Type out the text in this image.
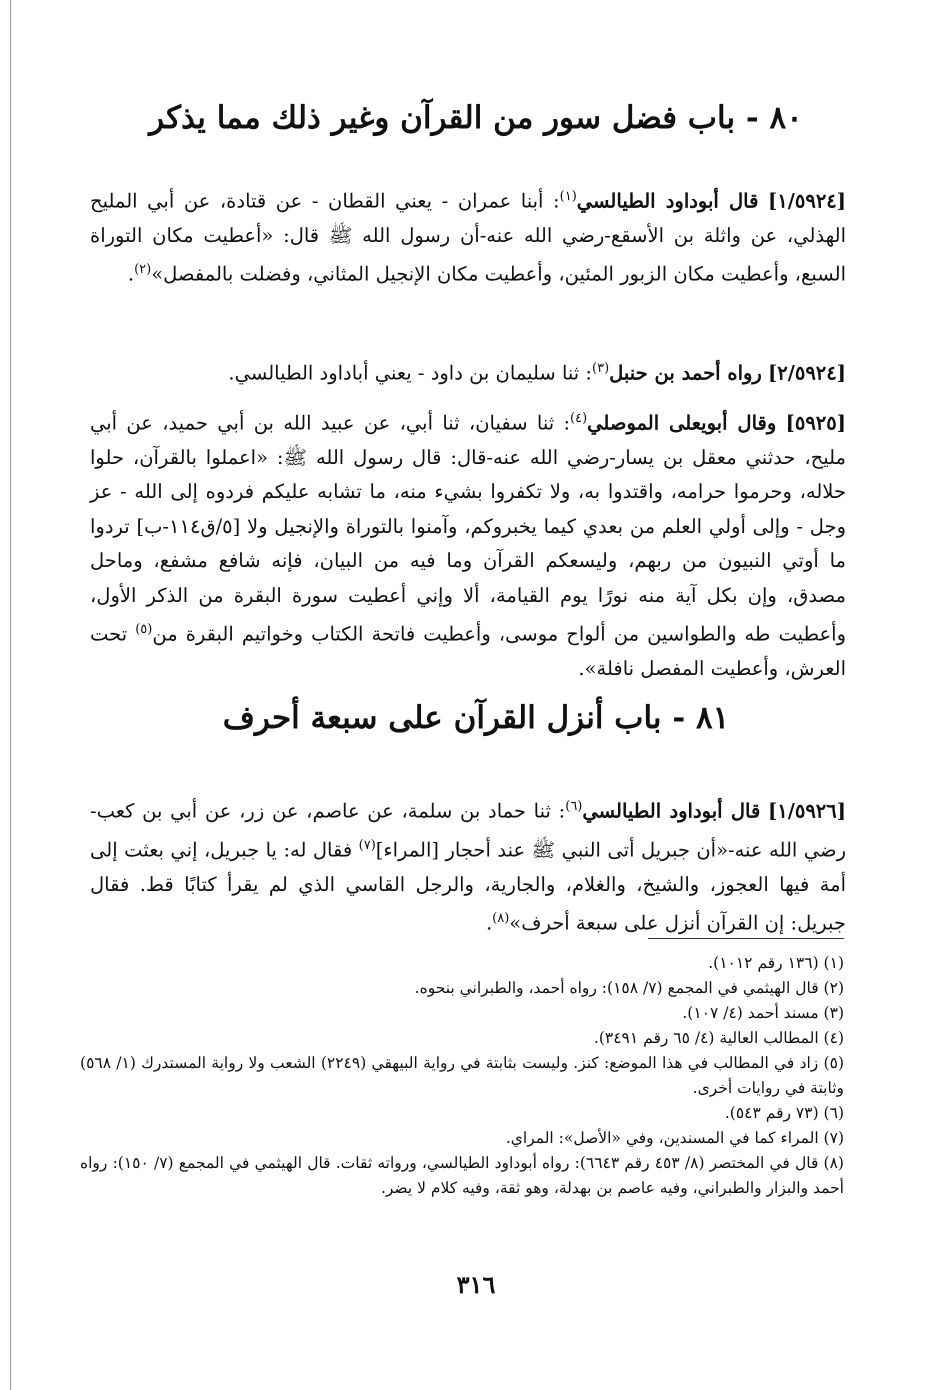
٨٠ - باب فضل سور من القرآن وغير ذلك مما يذكر

[١/٥٩٢٤] قال أبوداود الطيالسي$^{(١)}$: أبنا عمران - يعني القطان - عن قتادة، عن أبي المليح الهذلي، عن واثلة بن الأسقع-رضي الله عنه-أن رسول الله ﷺ قال: «أعطيت مكان التوراة السبع، وأعطيت مكان الزبور المئين، وأعطيت مكان الإنجيل المثاني، وفضلت بالمفصل»$^{(٢)}$.

[٢/٥٩٢٤] رواه أحمد بن حنبل$^{(٣)}$: ثنا سليمان بن داود - يعني أباداود الطيالسي.

[٥٩٢٥] وقال أبويعلى الموصلي$^{(٤)}$: ثنا سفيان، ثنا أبي، عن عبيد الله بن أبي حميد، عن أبي مليح، حدثني معقل بن يسار-رضي الله عنه-قال: قال رسول الله ﷺ: «اعملوا بالقرآن، حلوا حلاله، وحرموا حرامه، واقتدوا به، ولا تكفروا بشيء منه، ما تشابه عليكم فردوه إلى الله - عز وجل - وإلى أولي العلم من بعدي كيما يخبروكم، وآمنوا بالتوراة والإنجيل ولا [٥/ق١١٤-ب] تردوا ما أوتي النبيون من ربهم، وليسعكم القرآن وما فيه من البيان، فإنه شافع مشفع، وماحل مصدق، وإن بكل آية منه نورًا يوم القيامة، ألا وإني أعطيت سورة البقرة من الذكر الأول، وأعطيت طه والطواسين من ألواح موسى، وأعطيت فاتحة الكتاب وخواتيم البقرة من$^{(٥)}$ تحت العرش، وأعطيت المفصل نافلة».

٨١ - باب أنزل القرآن على سبعة أحرف

[١/٥٩٢٦] قال أبوداود الطيالسي$^{(٦)}$: ثنا حماد بن سلمة، عن عاصم، عن زر، عن أبي بن كعب-رضي الله عنه-«أن جبريل أتى النبي ﷺ عند أحجار [المراء]$^{(٧)}$ فقال له: يا جبريل، إني بعثت إلى أمة فيها العجوز، والشيخ، والغلام، والجارية، والرجل القاسي الذي لم يقرأ كتابًا قط. فقال جبريل: إن القرآن أنزل على سبعة أحرف»$^{(٨)}$.

(١) (١٣٦ رقم ١٠١٢).
(٢) قال الهيثمي في المجمع (٧/ ١٥٨): رواه أحمد، والطبراني بنحوه.
(٣) مسند أحمد (٤/ ١٠٧).
(٤) المطالب العالية (٤/ ٦٥ رقم ٣٤٩١).
(٥) زاد في المطالب في هذا الموضع: كنز. وليست بثابتة في رواية البيهقي (٢٢٤٩) الشعب ولا رواية المستدرك (١/ ٥٦٨) وثابتة في روايات أخرى.
(٦) (٧٣ رقم ٥٤٣).
(٧) المراء كما في المسندين، وفي «الأصل»: المراي.
(٨) قال في المختصر (٨/ ٤٥٣ رقم ٦٦٤٣): رواه أبوداود الطيالسي، ورواته ثقات. قال الهيثمي في المجمع (٧/ ١٥٠): رواه أحمد والبزار والطبراني، وفيه عاصم بن بهدلة، وهو ثقة، وفيه كلام لا يضر.
٣١٦
